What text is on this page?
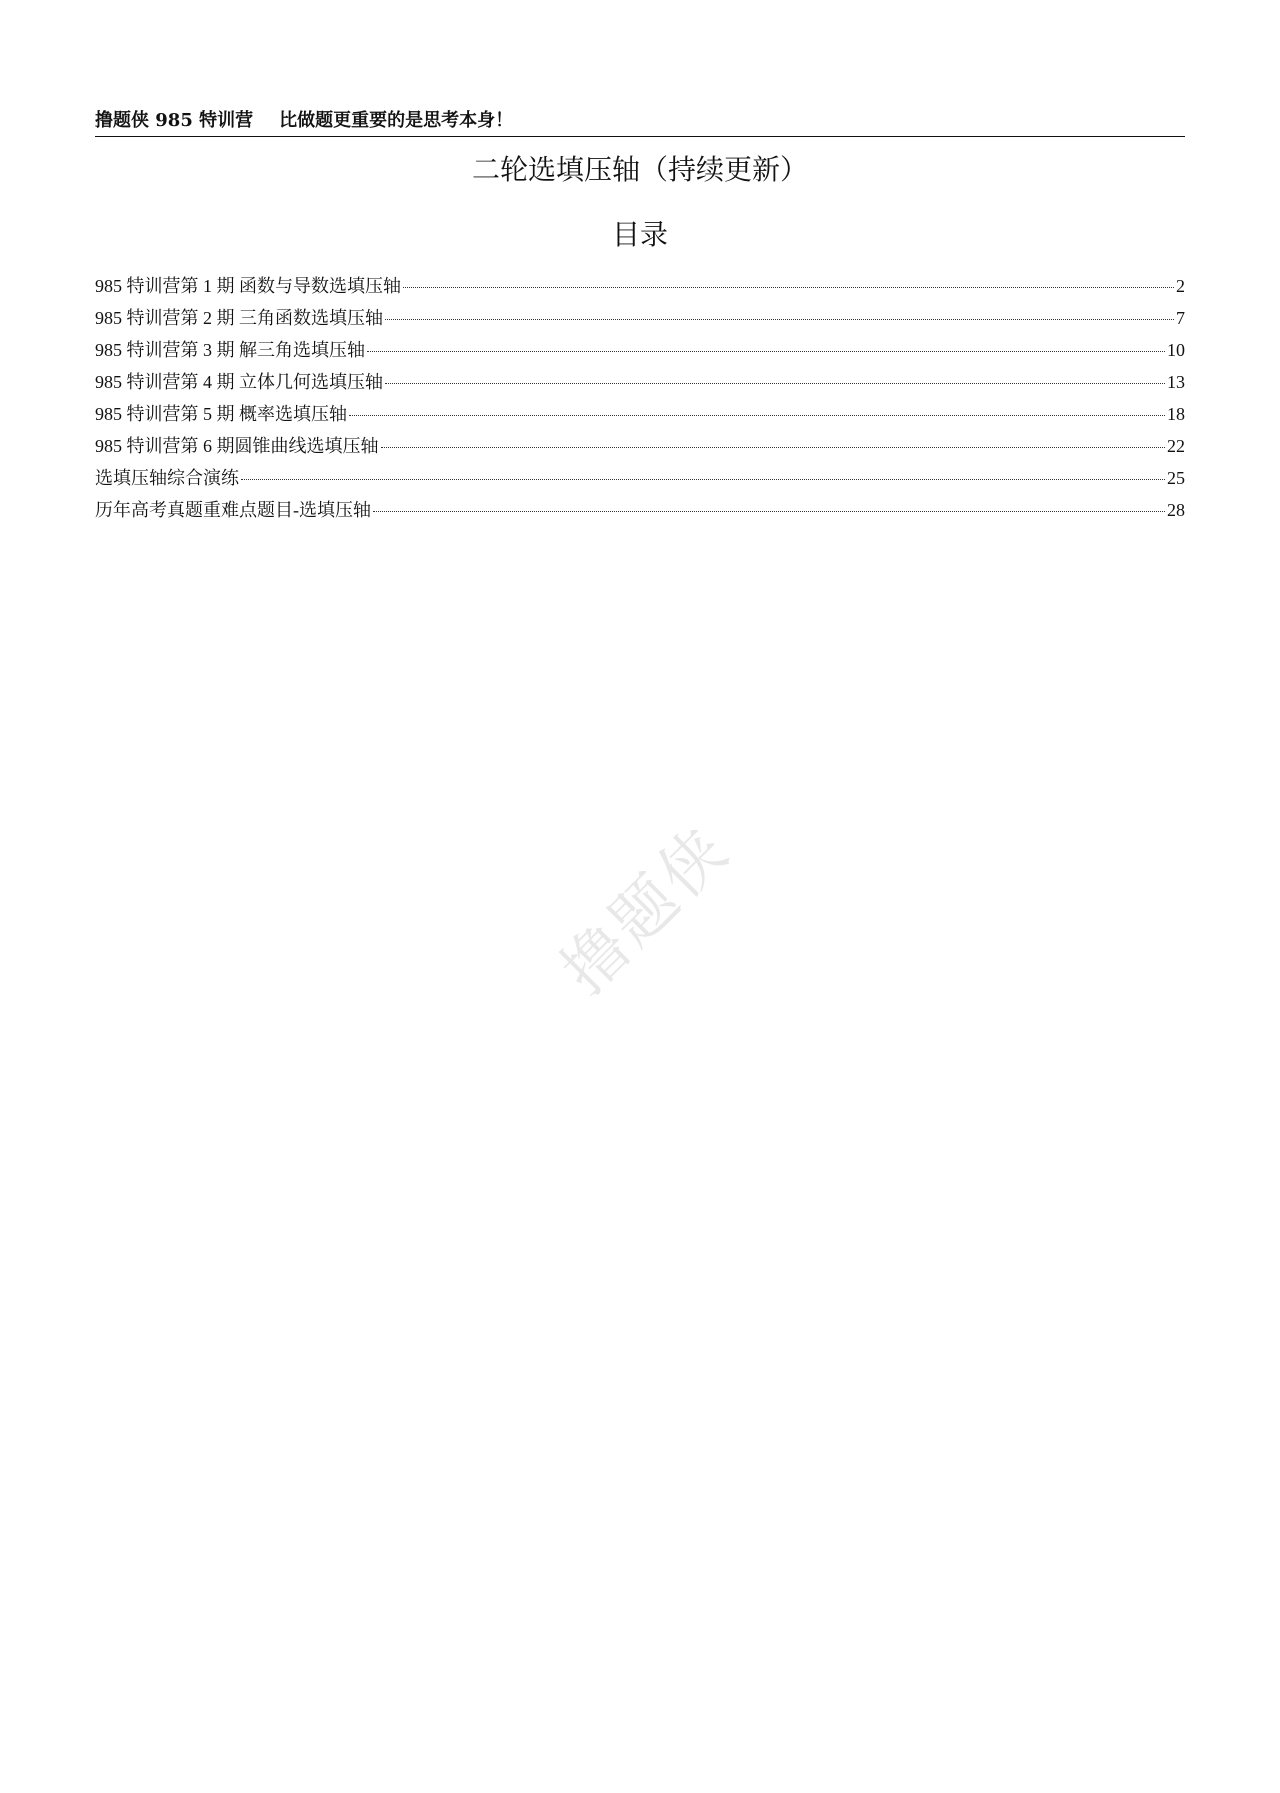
撸题侠 985 特训营 比做题更重要的是思考本身！
二轮选填压轴（持续更新）
目录
985 特训营第 1 期 函数与导数选填压轴	2
985 特训营第 2 期 三角函数选填压轴	7
985 特训营第 3 期 解三角选填压轴	10
985 特训营第 4 期 立体几何选填压轴	13
985 特训营第 5 期 概率选填压轴	18
985 特训营第 6 期圆锥曲线选填压轴	22
选填压轴综合演练	25
历年高考真题重难点题目-选填压轴	28
撸题侠
